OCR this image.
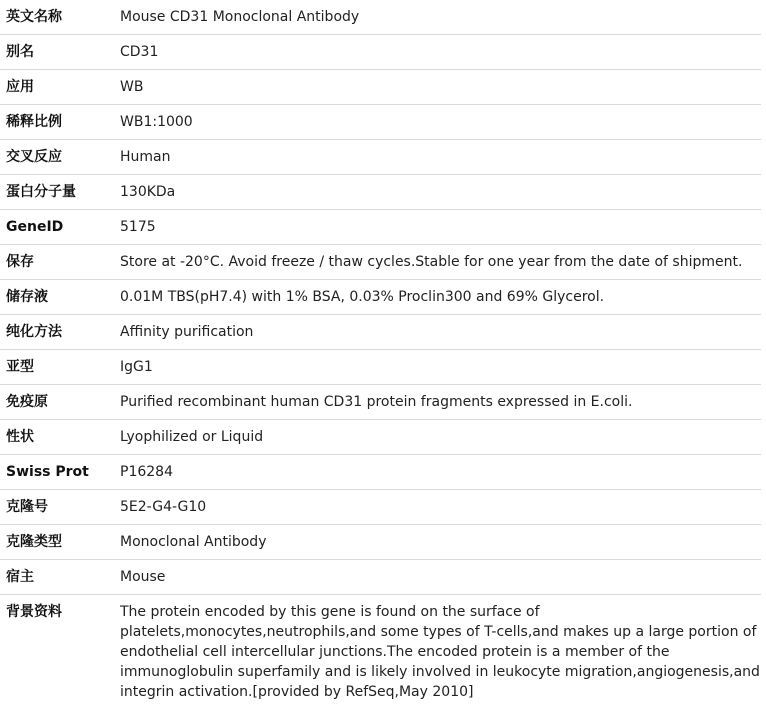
英文名称	Mouse CD31 Monoclonal Antibody
别名	CD31
应用	WB
稀释比例	WB1:1000
交叉反应	Human
蛋白分子量	130KDa
GeneID	5175
保存	Store at -20°C. Avoid freeze / thaw cycles.Stable for one year from the date of shipment.
储存液	0.01M TBS(pH7.4) with 1% BSA, 0.03% Proclin300 and 69% Glycerol.
纯化方法	Affinity purification
亚型	IgG1
免疫原	Purified recombinant human CD31 protein fragments expressed in E.coli.
性状	Lyophilized or Liquid
Swiss Prot	P16284
克隆号	5E2-G4-G10
克隆类型	Monoclonal Antibody
宿主	Mouse
背景资料	The protein encoded by this gene is found on the surface of platelets,monocytes,neutrophils,and some types of T-cells,and makes up a large portion of endothelial cell intercellular junctions.The encoded protein is a member of the immunoglobulin superfamily and is likely involved in leukocyte migration,angiogenesis,and integrin activation.[provided by RefSeq,May 2010]
